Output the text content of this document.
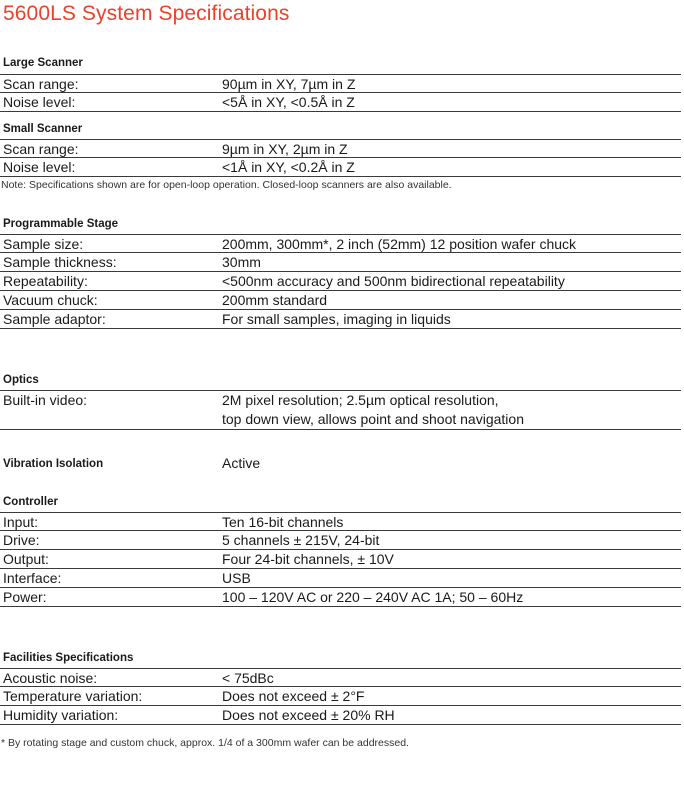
5600LS System Specifications
Large Scanner
Scan range:	90µm in XY, 7µm in Z
Noise level:	<5Å in XY, <0.5Å in Z
Small Scanner
Scan range:	9µm in XY, 2µm in Z
Noise level:	<1Å in XY, <0.2Å in Z
Note: Specifications shown are for open-loop operation. Closed-loop scanners are also available.
Programmable Stage
Sample size:	200mm, 300mm*, 2 inch (52mm) 12 position wafer chuck
Sample thickness:	30mm
Repeatability:	<500nm accuracy and 500nm bidirectional repeatability
Vacuum chuck:	200mm standard
Sample adaptor:	For small samples, imaging in liquids
Optics
Built-in video:	2M pixel resolution; 2.5µm optical resolution,
top down view, allows point and shoot navigation
Vibration Isolation	Active
Controller
Input:	Ten 16-bit channels
Drive:	5 channels ± 215V, 24-bit
Output:	Four 24-bit channels, ± 10V
Interface:	USB
Power:	100 – 120V AC or 220 – 240V AC 1A; 50 – 60Hz
Facilities Specifications
Acoustic noise:	< 75dBc
Temperature variation:	Does not exceed ± 2°F
Humidity variation:	Does not exceed ± 20% RH
* By rotating stage and custom chuck, approx. 1/4 of a 300mm wafer can be addressed.
